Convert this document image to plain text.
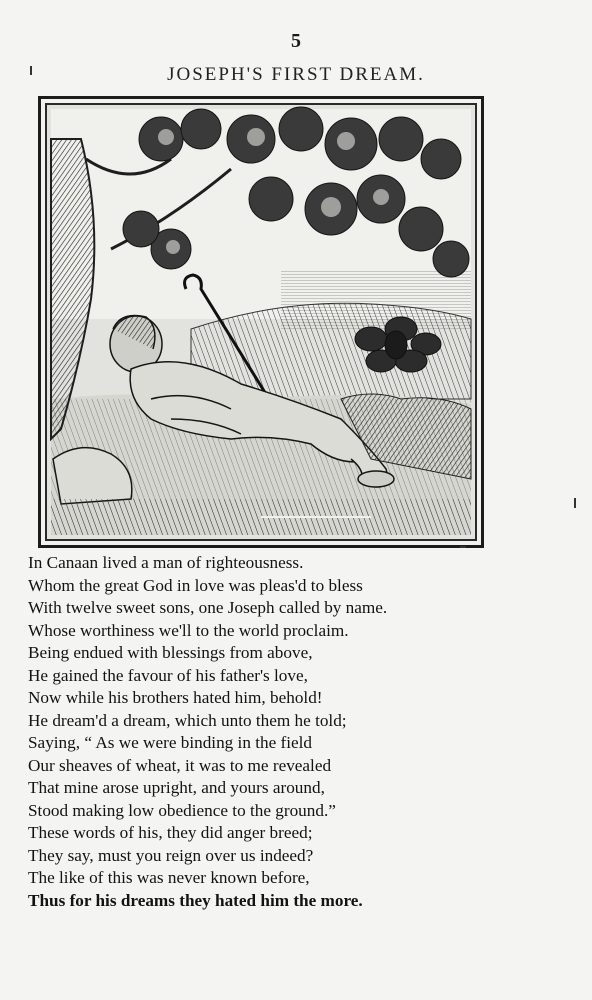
5
JOSEPH'S FIRST DREAM.
In Canaan lived a man of righteousness.
Whom the great God in love was pleas'd to bless
With twelve sweet sons, one Joseph called by name.
Whose worthiness we'll to the world proclaim.
Being endued with blessings from above,
He gained the favour of his father's love,
Now while his brothers hated him, behold!
He dream'd a dream, which unto them he told;
Saying, “ As we were binding in the field
Our sheaves of wheat, it was to me revealed
That mine arose upright, and yours around,
Stood making low obedience to the ground.”
These words of his, they did anger breed;
They say, must you reign over us indeed?
The like of this was never known before,
Thus for his dreams they hated him the more.
